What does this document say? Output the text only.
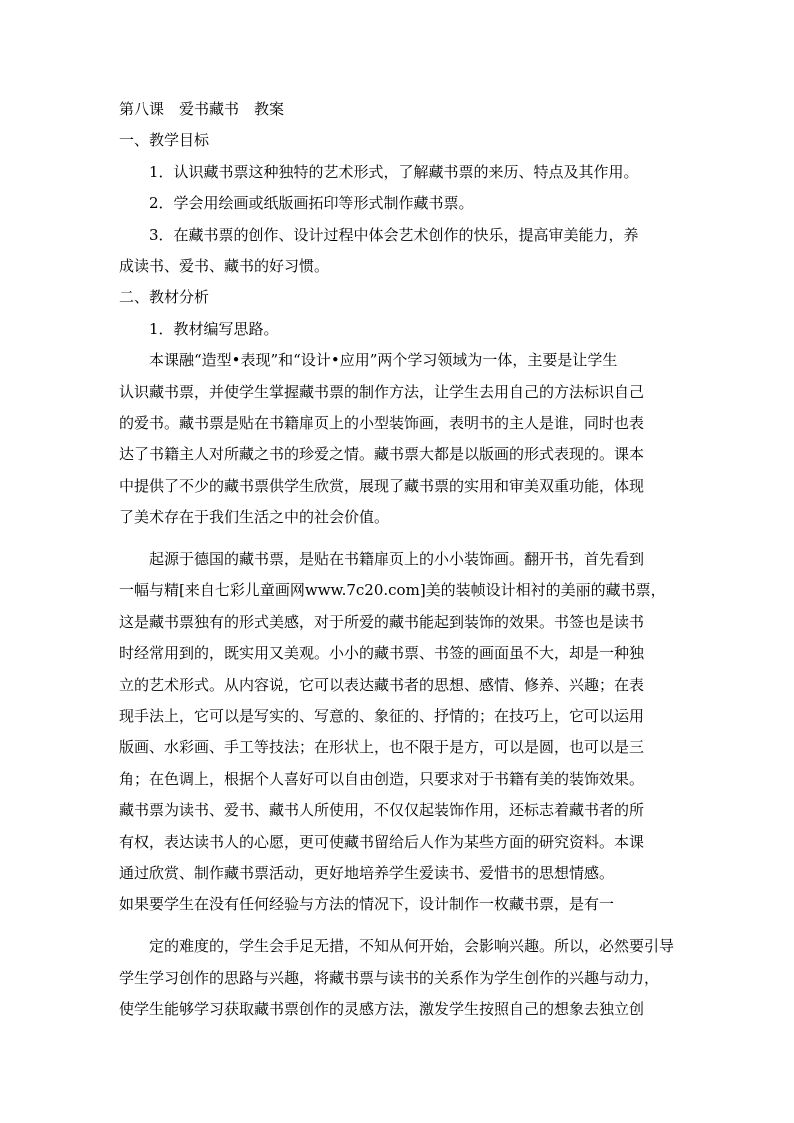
第八课　爱书藏书　教案
一、教学目标
1．认识藏书票这种独特的艺术形式，了解藏书票的来历、特点及其作用。
2．学会用绘画或纸版画拓印等形式制作藏书票。
3．在藏书票的创作、设计过程中体会艺术创作的快乐，提高审美能力，养
成读书、爱书、藏书的好习惯。
二、教材分析
1．教材编写思路。
本课融“造型•表现”和“设计•应用”两个学习领域为一体，主要是让学生
认识藏书票，并使学生掌握藏书票的制作方法，让学生去用自己的方法标识自己
的爱书。藏书票是贴在书籍扉页上的小型装饰画，表明书的主人是谁，同时也表
达了书籍主人对所藏之书的珍爱之情。藏书票大都是以版画的形式表现的。课本
中提供了不少的藏书票供学生欣赏，展现了藏书票的实用和审美双重功能，体现
了美术存在于我们生活之中的社会价值。
起源于德国的藏书票，是贴在书籍扉页上的小小装饰画。翻开书，首先看到
一幅与精[来自七彩儿童画网www.7c20.com]美的装帧设计相衬的美丽的藏书票，
这是藏书票独有的形式美感，对于所爱的藏书能起到装饰的效果。书签也是读书
时经常用到的，既实用又美观。小小的藏书票、书签的画面虽不大，却是一种独
立的艺术形式。从内容说，它可以表达藏书者的思想、感情、修养、兴趣；在表
现手法上，它可以是写实的、写意的、象征的、抒情的；在技巧上，它可以运用
版画、水彩画、手工等技法；在形状上，也不限于是方，可以是圆，也可以是三
角；在色调上，根据个人喜好可以自由创造，只要求对于书籍有美的装饰效果。
藏书票为读书、爱书、藏书人所使用，不仅仅起装饰作用，还标志着藏书者的所
有权，表达读书人的心愿，更可使藏书留给后人作为某些方面的研究资料。本课
通过欣赏、制作藏书票活动，更好地培养学生爱读书、爱惜书的思想情感。
如果要学生在没有任何经验与方法的情况下，设计制作一枚藏书票，是有一
定的难度的，学生会手足无措，不知从何开始，会影响兴趣。所以，必然要引导
学生学习创作的思路与兴趣，将藏书票与读书的关系作为学生创作的兴趣与动力，
使学生能够学习获取藏书票创作的灵感方法，激发学生按照自己的想象去独立创
